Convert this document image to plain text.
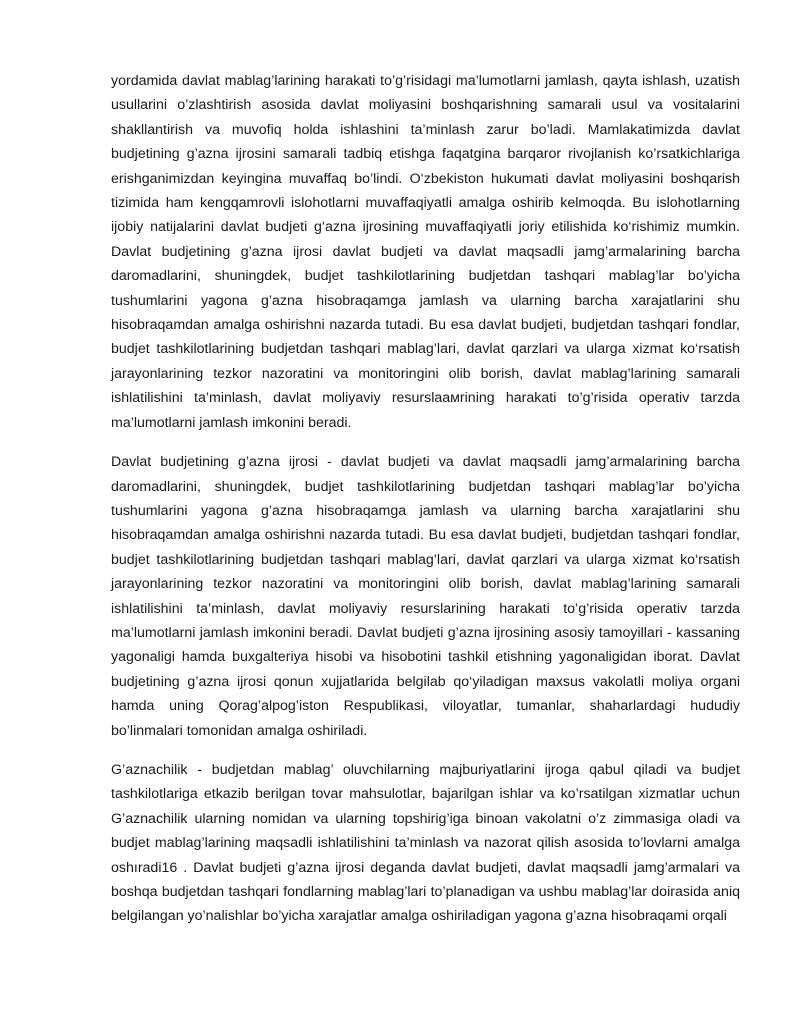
yordamida davlat mablag’larining harakati to’g’risidagi ma’lumotlarni jamlash, qayta ishlash, uzatish usullarini o’zlashtirish asosida davlat moliyasini boshqarishning samarali usul va vositalarini shakllantirish va muvofiq holda ishlashini ta’minlash zarur bo’ladi. Mamlakatimizda davlat budjetining g’azna ijrosini samarali tadbiq etishga faqatgina barqaror rivojlanish ko’rsatkichlariga erishganimizdan keyingina muvaffaq bo’lindi. O‘zbekiston hukumati davlat moliyasini boshqarish tizimida ham kengqamrovli islohotlarni muvaffaqiyatli amalga oshirib kelmoqda. Bu islohotlarning ijobiy natijalarini davlat budjeti g‘azna ijrosining muvaffaqiyatli joriy etilishida ko‘rishimiz mumkin. Davlat budjetining g’azna ijrosi davlat budjeti va davlat maqsadli jamg’armalarining barcha daromadlarini, shuningdek, budjet tashkilotlarining budjetdan tashqari mablag’lar bo’yicha tushumlarini yagona g’azna hisobraqamga jamlash va ularning barcha xarajatlarini shu hisobraqamdan amalga oshirishni nazarda tutadi. Bu esa davlat budjeti, budjetdan tashqari fondlar, budjet tashkilotlarining budjetdan tashqari mablag’lari, davlat qarzlari va ularga xizmat ko‘rsatish jarayonlarining tezkor nazoratini va monitoringini olib borish, davlat mablag’larining samarali ishlatilishini ta’minlash, davlat moliyaviy resurslaaмrining harakati to’g’risida operativ tarzda ma’lumotlarni jamlash imkonini beradi.

Davlat budjetining g’azna ijrosi - davlat budjeti va davlat maqsadli jamg’armalarining barcha daromadlarini, shuningdek, budjet tashkilotlarining budjetdan tashqari mablag’lar bo’yicha tushumlarini yagona g’azna hisobraqamga jamlash va ularning barcha xarajatlarini shu hisobraqamdan amalga oshirishni nazarda tutadi. Bu esa davlat budjeti, budjetdan tashqari fondlar, budjet tashkilotlarining budjetdan tashqari mablag’lari, davlat qarzlari va ularga xizmat ko‘rsatish jarayonlarining tezkor nazoratini va monitoringini olib borish, davlat mablag’larining samarali ishlatilishini ta’minlash, davlat moliyaviy resurslarining harakati to’g’risida operativ tarzda ma’lumotlarni jamlash imkonini beradi. Davlat budjeti g’azna ijrosining asosiy tamoyillari - kassaning yagonaligi hamda buxgalteriya hisobi va hisobotini tashkil etishning yagonaligidan iborat. Davlat budjetining g’azna ijrosi qonun xujjatlarida belgilab qo‘yiladigan maxsus vakolatli moliya organi hamda uning Qorag’alpog’iston Respublikasi, viloyatlar, tumanlar, shaharlardagi hududiy bo’linmalari tomonidan amalga oshiriladi.

G’aznachilik - budjetdan mablag’ oluvchilarning majburiyatlarini ijroga qabul qiladi va budjet tashkilotlariga etkazib berilgan tovar mahsulotlar, bajarilgan ishlar va ko’rsatilgan xizmatlar uchun G’aznachilik ularning nomidan va ularning topshirig’iga binoan vakolatni o’z zimmasiga oladi va budjet mablag’larining maqsadli ishlatilishini ta’minlash va nazorat qilish asosida to’lovlarni amalga oshıradi16 . Davlat budjeti g’azna ijrosi deganda davlat budjeti, davlat maqsadli jamg’armalari va boshqa budjetdan tashqari fondlarning mablag’lari to’planadigan va ushbu mablag’lar doirasida aniq belgilangan yo’nalishlar bo’yicha xarajatlar amalga oshiriladigan yagona g’azna hisobraqami orqali
